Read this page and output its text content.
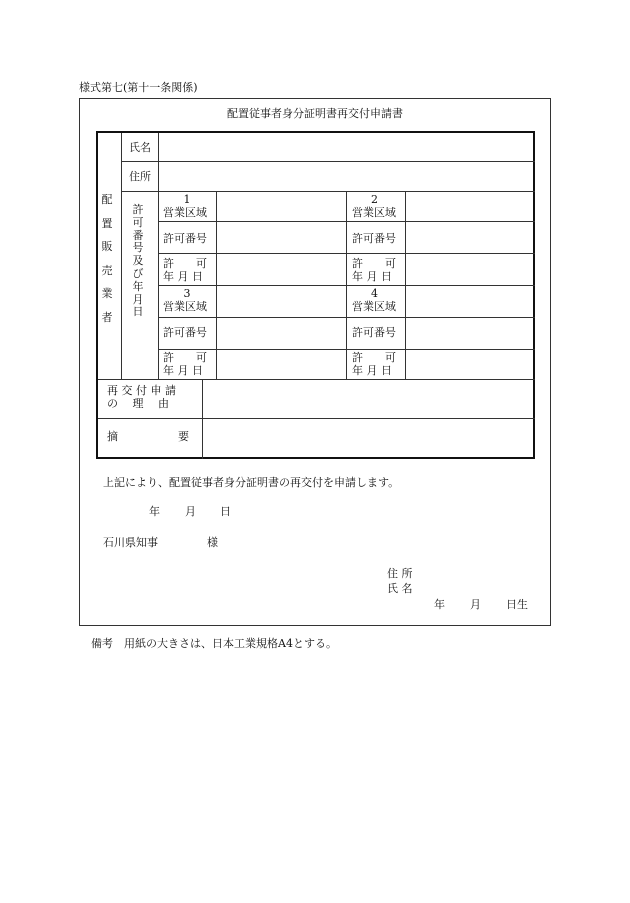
様式第七(第十一条関係)
配置従事者身分証明書再交付申請書
氏名
住所
配置販売業者
許可番号及び年月日
1
営業区域
許可番号
許　　可
年 月 日
2
営業区域
許可番号
許　　可
年 月 日
3
営業区域
許可番号
許　　可
年 月 日
4
営業区域
許可番号
許　　可
年 月 日
再 交 付 申 請
の　 理　 由
摘	要
上記により、配置従事者身分証明書の再交付を申請します。
年 月 日
石川県知事	様
住 所
氏 名
年 月 日生
備考　用紙の大きさは、日本工業規格A4とする。
